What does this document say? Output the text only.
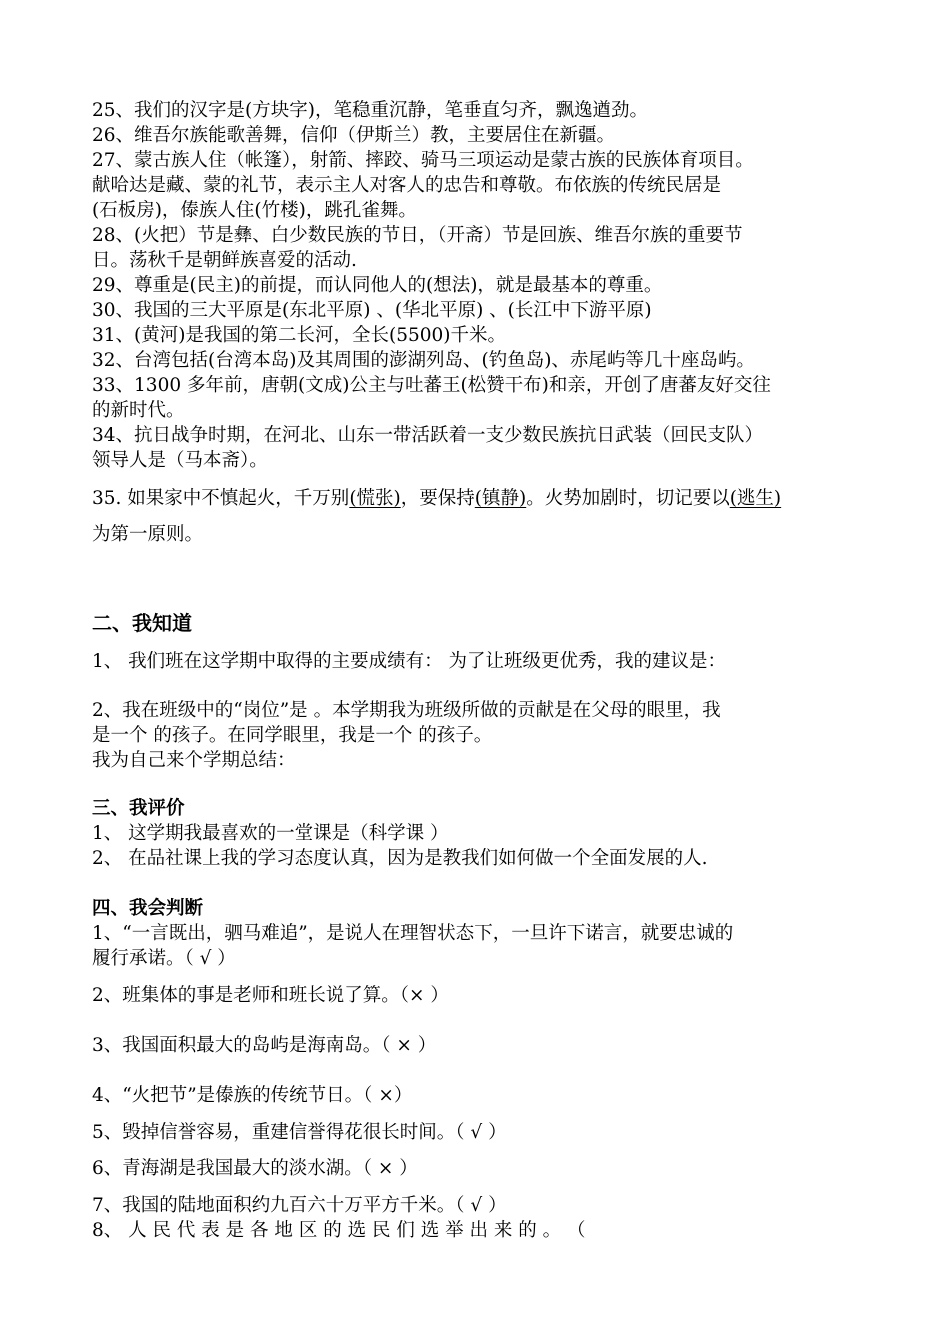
25、我们的汉字是(方块字)，笔稳重沉静，笔垂直匀齐，飘逸遒劲。
26、维吾尔族能歌善舞，信仰（伊斯兰）教，主要居住在新疆。
27、蒙古族人住（帐篷），射箭、摔跤、骑马三项运动是蒙古族的民族体育项目。
献哈达是藏、蒙的礼节，表示主人对客人的忠告和尊敬。布依族的传统民居是
(石板房)，傣族人住(竹楼)，跳孔雀舞。
28、(火把）节是彝、白少数民族的节日，（开斋）节是回族、维吾尔族的重要节
日。荡秋千是朝鲜族喜爱的活动.
29、尊重是(民主)的前提，而认同他人的(想法)，就是最基本的尊重。
30、我国的三大平原是(东北平原) 、(华北平原) 、(长江中下游平原)
31、(黄河)是我国的第二长河，全长(5500)千米。
32、台湾包括(台湾本岛)及其周围的澎湖列岛、(钓鱼岛)、赤尾屿等几十座岛屿。
33、1300 多年前，唐朝(文成)公主与吐蕃王(松赞干布)和亲，开创了唐蕃友好交往
的新时代。
34、抗日战争时期，在河北、山东一带活跃着一支少数民族抗日武装（回民支队）
领导人是（马本斋）。
35. 如果家中不慎起火，千万别(慌张)，要保持(镇静)。火势加剧时，切记要以(逃生)
为第一原则。
二、我知道
1、 我们班在这学期中取得的主要成绩有： 为了让班级更优秀，我的建议是：
2、我在班级中的“岗位”是 。本学期我为班级所做的贡献是在父母的眼里，我
是一个 的孩子。在同学眼里，我是一个 的孩子。
我为自己来个学期总结：
三、我评价
1、 这学期我最喜欢的一堂课是（科学课 ）
2、 在品社课上我的学习态度认真，因为是教我们如何做一个全面发展的人.
四、我会判断
1、“一言既出，驷马难追”，是说人在理智状态下，一旦许下诺言，就要忠诚的
履行承诺。（ √ ）
2、班集体的事是老师和班长说了算。（× ）
3、我国面积最大的岛屿是海南岛。（ × ）
4、“火把节”是傣族的传统节日。（ ×）
5、毁掉信誉容易，重建信誉得花很长时间。（ √ ）
6、青海湖是我国最大的淡水湖。（ × ）
7、我国的陆地面积约九百六十万平方千米。（ √ ）
8、 人 民 代 表 是 各 地 区 的 选 民 们 选 举 出 来 的 。 （
